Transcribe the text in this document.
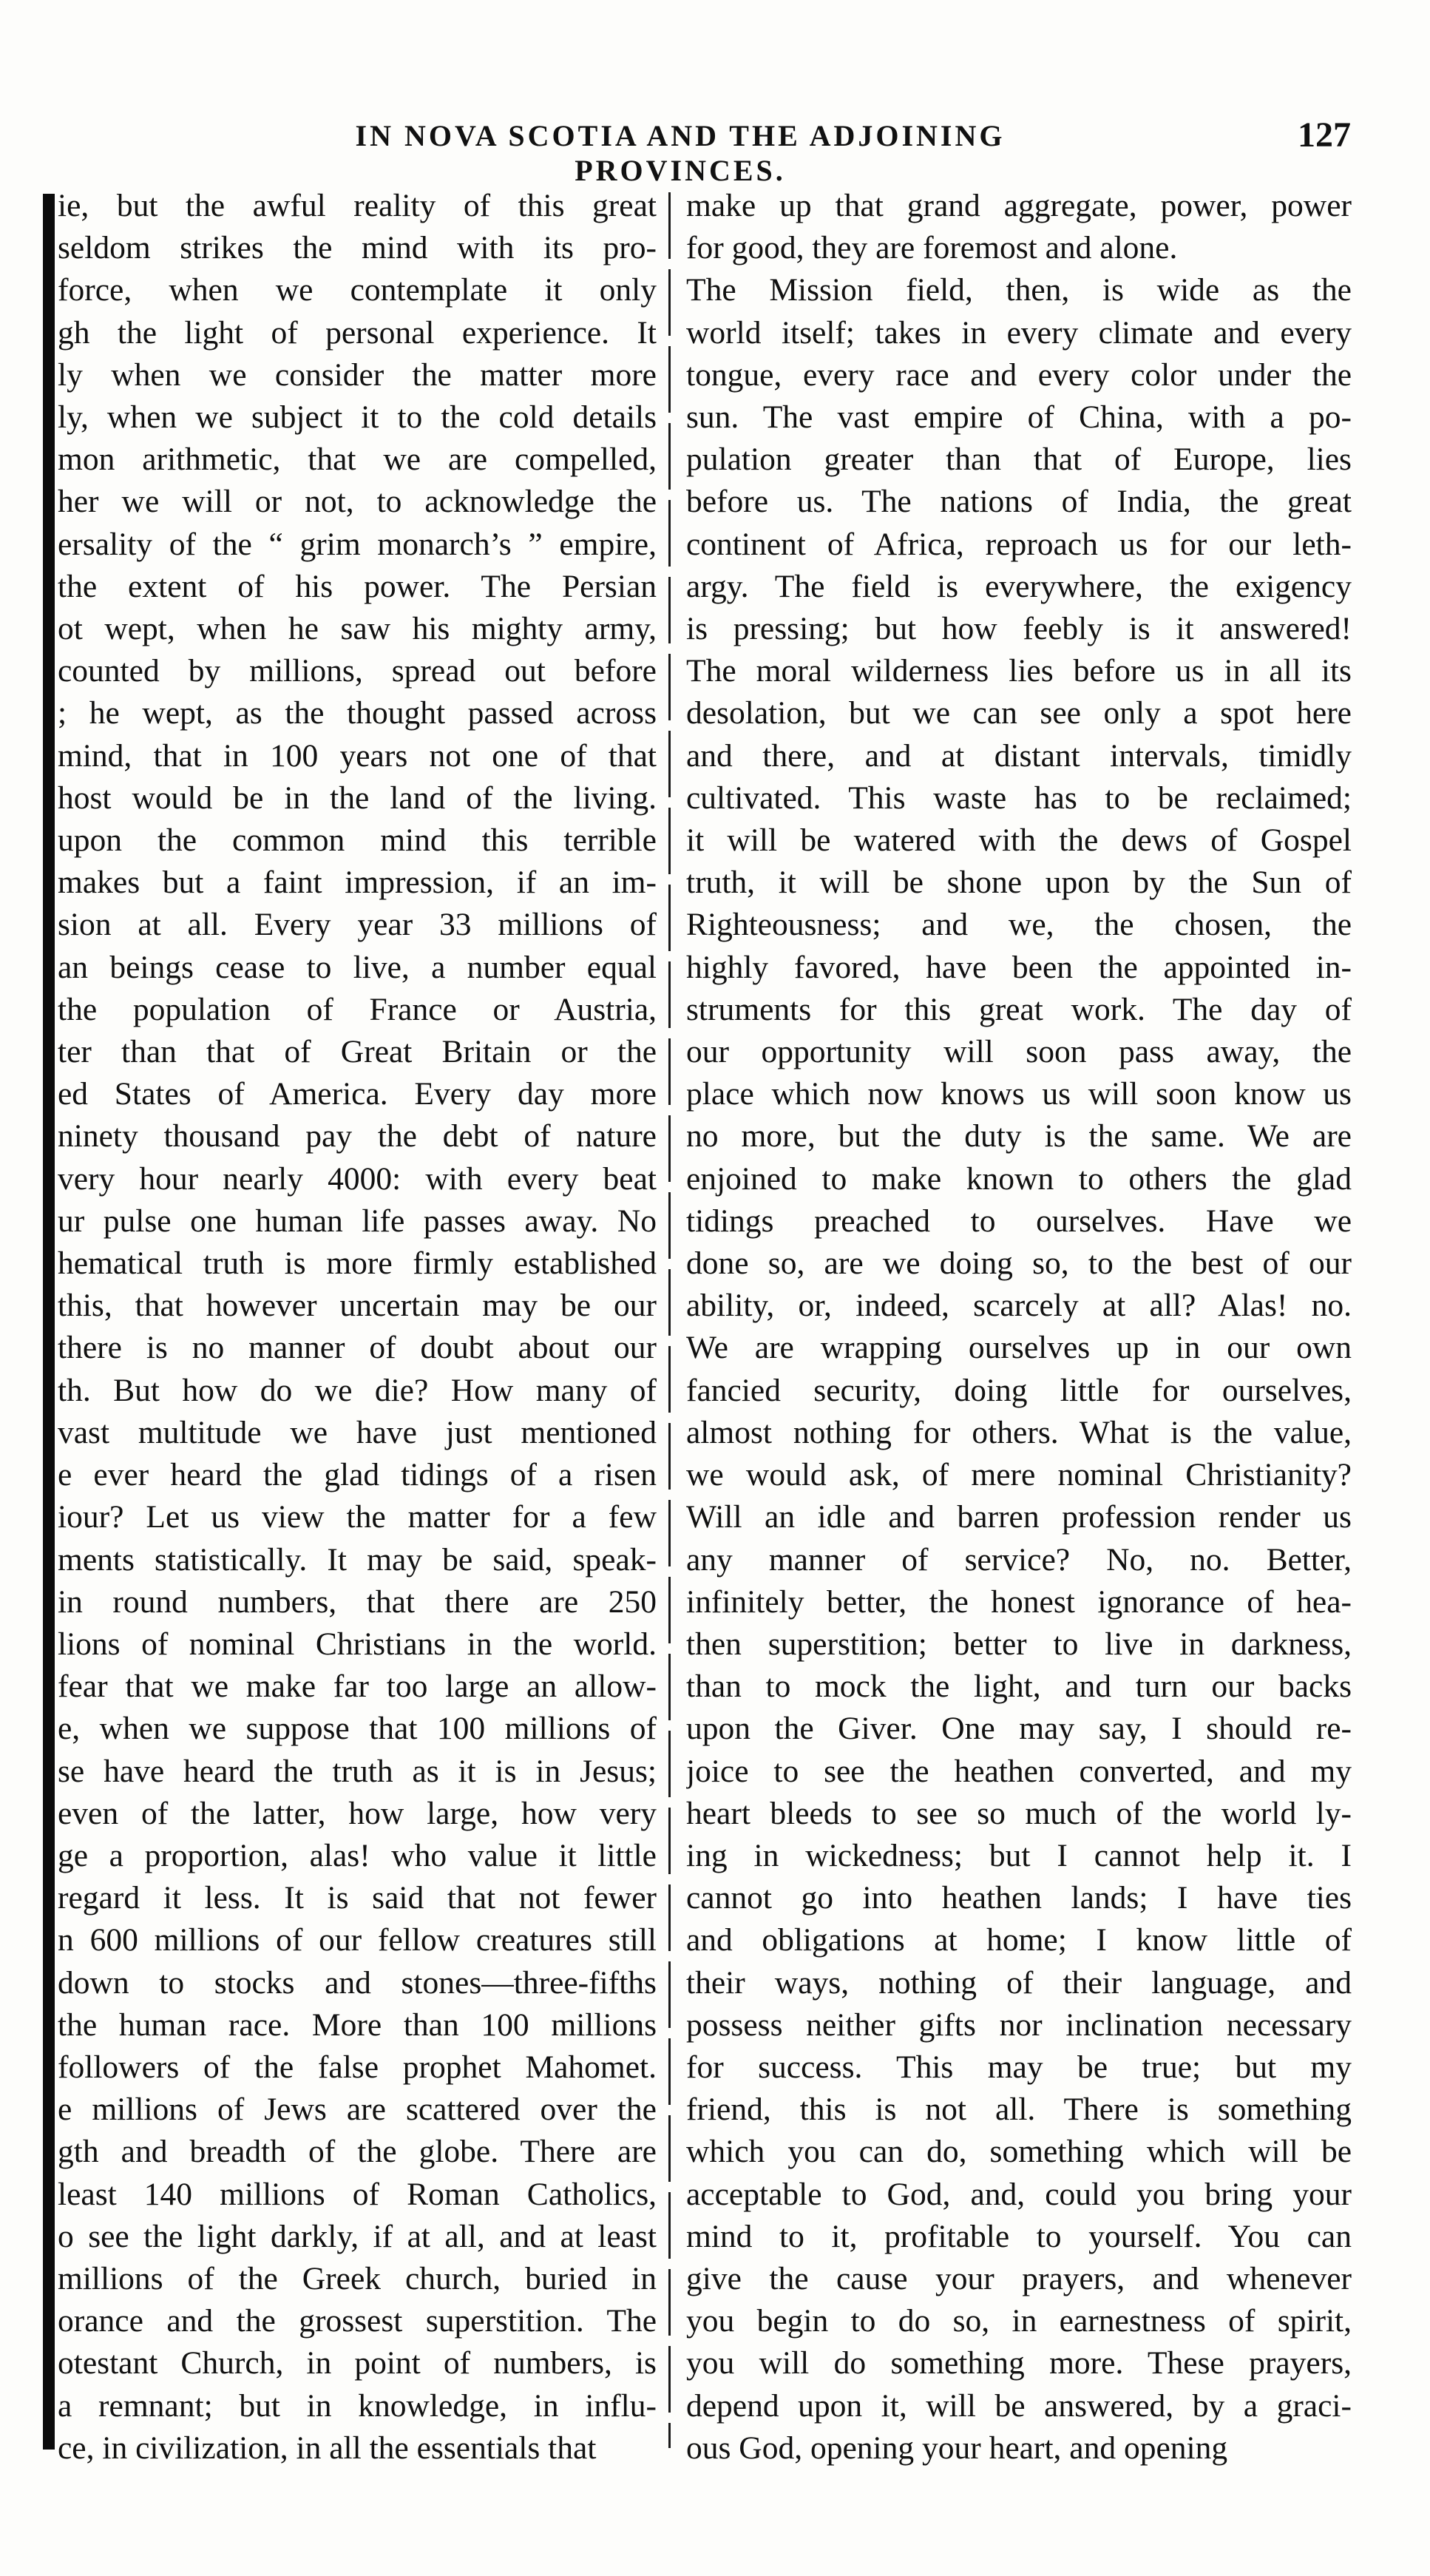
IN NOVA SCOTIA AND THE ADJOINING PROVINCES.
127
ie, but the awful reality of this great
seldom strikes the mind with its pro-
force, when we contemplate it only
gh the light of personal experience. It
ly when we consider the matter more
ly, when we subject it to the cold details
mon arithmetic, that we are compelled,
her we will or not, to acknowledge the
ersality of the “ grim monarch’s ” empire,
the extent of his power. The Persian
ot wept, when he saw his mighty army,
counted by millions, spread out before
; he wept, as the thought passed across
mind, that in 100 years not one of that
host would be in the land of the living.
upon the common mind this terrible
makes but a faint impression, if an im-
sion at all. Every year 33 millions of
an beings cease to live, a number equal
the population of France or Austria,
ter than that of Great Britain or the
ed States of America. Every day more
ninety thousand pay the debt of nature
very hour nearly 4000: with every beat
ur pulse one human life passes away. No
hematical truth is more firmly established
this, that however uncertain may be our
there is no manner of doubt about our
th. But how do we die? How many of
vast multitude we have just mentioned
e ever heard the glad tidings of a risen
iour? Let us view the matter for a few
ments statistically. It may be said, speak-
in round numbers, that there are 250
lions of nominal Christians in the world.
fear that we make far too large an allow-
e, when we suppose that 100 millions of
se have heard the truth as it is in Jesus;
even of the latter, how large, how very
ge a proportion, alas! who value it little
regard it less. It is said that not fewer
n 600 millions of our fellow creatures still
down to stocks and stones—three-fifths
the human race. More than 100 millions
followers of the false prophet Mahomet.
e millions of Jews are scattered over the
gth and breadth of the globe. There are
least 140 millions of Roman Catholics,
o see the light darkly, if at all, and at least
millions of the Greek church, buried in
orance and the grossest superstition. The
otestant Church, in point of numbers, is
a remnant; but in knowledge, in influ-
ce, in civilization, in all the essentials that
make up that grand aggregate, power, power
for good, they are foremost and alone.
The Mission field, then, is wide as the
world itself; takes in every climate and every
tongue, every race and every color under the
sun. The vast empire of China, with a po-
pulation greater than that of Europe, lies
before us. The nations of India, the great
continent of Africa, reproach us for our leth-
argy. The field is everywhere, the exigency
is pressing; but how feebly is it answered!
The moral wilderness lies before us in all its
desolation, but we can see only a spot here
and there, and at distant intervals, timidly
cultivated. This waste has to be reclaimed;
it will be watered with the dews of Gospel
truth, it will be shone upon by the Sun of
Righteousness; and we, the chosen, the
highly favored, have been the appointed in-
struments for this great work. The day of
our opportunity will soon pass away, the
place which now knows us will soon know us
no more, but the duty is the same. We are
enjoined to make known to others the glad
tidings preached to ourselves. Have we
done so, are we doing so, to the best of our
ability, or, indeed, scarcely at all? Alas! no.
We are wrapping ourselves up in our own
fancied security, doing little for ourselves,
almost nothing for others. What is the value,
we would ask, of mere nominal Christianity?
Will an idle and barren profession render us
any manner of service? No, no. Better,
infinitely better, the honest ignorance of hea-
then superstition; better to live in darkness,
than to mock the light, and turn our backs
upon the Giver. One may say, I should re-
joice to see the heathen converted, and my
heart bleeds to see so much of the world ly-
ing in wickedness; but I cannot help it. I
cannot go into heathen lands; I have ties
and obligations at home; I know little of
their ways, nothing of their language, and
possess neither gifts nor inclination necessary
for success. This may be true; but my
friend, this is not all. There is something
which you can do, something which will be
acceptable to God, and, could you bring your
mind to it, profitable to yourself. You can
give the cause your prayers, and whenever
you begin to do so, in earnestness of spirit,
you will do something more. These prayers,
depend upon it, will be answered, by a graci-
ous God, opening your heart, and opening
